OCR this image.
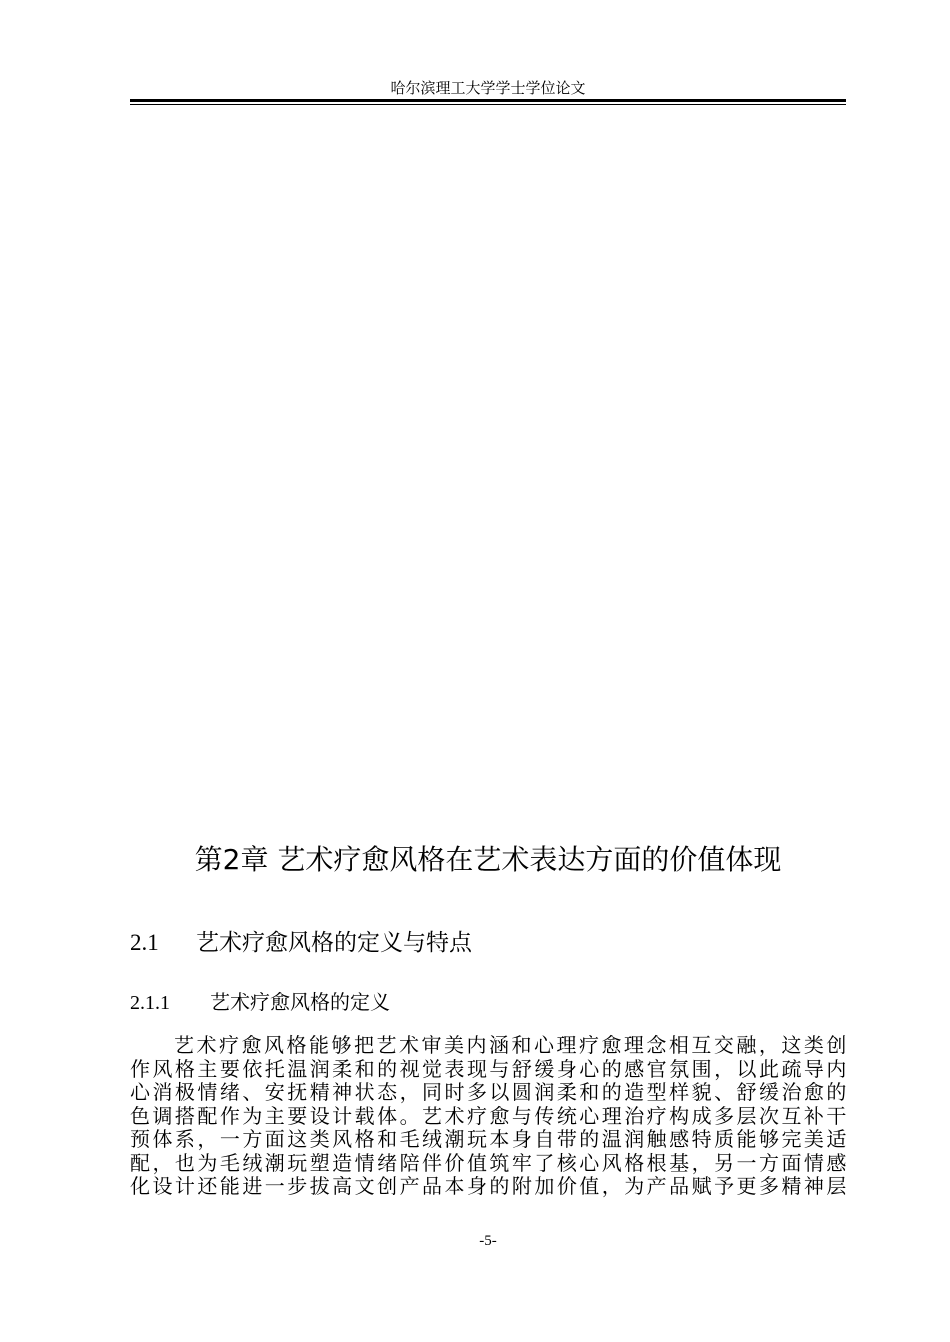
哈尔滨理工大学学士学位论文
第2章 艺术疗愈风格在艺术表达方面的价值体现
2.1 艺术疗愈风格的定义与特点
2.1.1 艺术疗愈风格的定义

艺术疗愈风格能够把艺术审美内涵和心理疗愈理念相互交融，这类创
作风格主要依托温润柔和的视觉表现与舒缓身心的感官氛围，以此疏导内
心消极情绪、安抚精神状态，同时多以圆润柔和的造型样貌、舒缓治愈的
色调搭配作为主要设计载体。艺术疗愈与传统心理治疗构成多层次互补干
预体系，一方面这类风格和毛绒潮玩本身自带的温润触感特质能够完美适
配，也为毛绒潮玩塑造情绪陪伴价值筑牢了核心风格根基，另一方面情感
化设计还能进一步拔高文创产品本身的附加价值，为产品赋予更多精神层

-5-
